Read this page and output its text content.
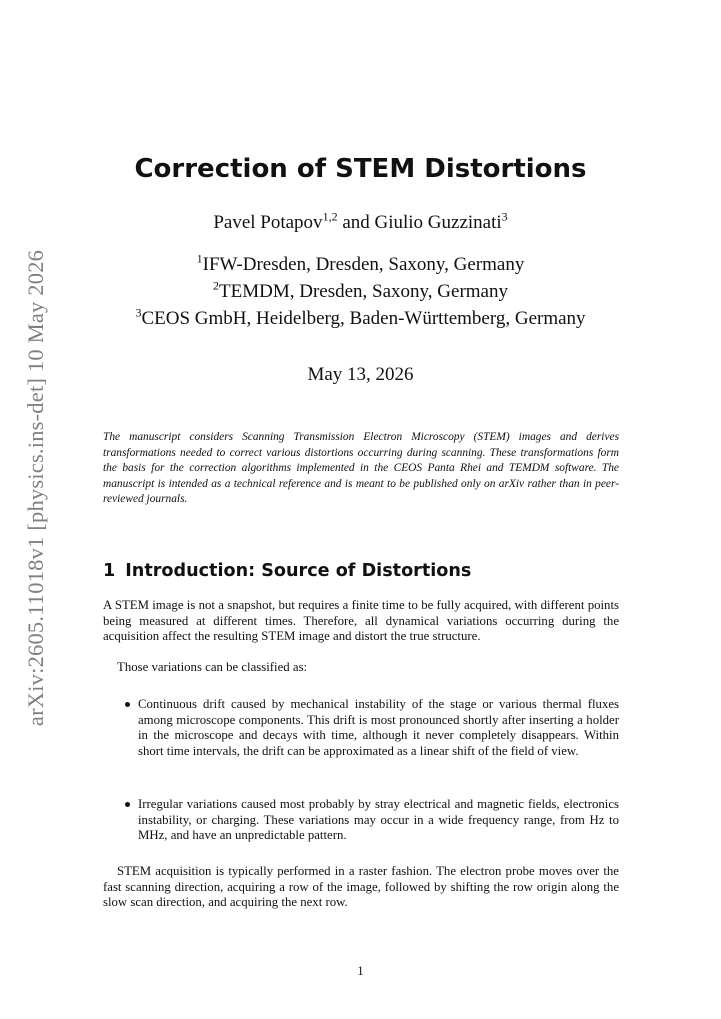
arXiv:2605.11018v1 [physics.ins-det] 10 May 2026
Correction of STEM Distortions

Pavel Potapov$^{1,2}$ and Giulio Guzzinati$^3$

$^1$IFW-Dresden, Dresden, Saxony, Germany

$^2$TEMDM, Dresden, Saxony, Germany

$^3$CEOS GmbH, Heidelberg, Baden-Württemberg, Germany

May 13, 2026

The manuscript considers Scanning Transmission Electron Microscopy (STEM) images and derives transformations needed to correct various distortions occurring during scanning. These transformations form the basis for the correction algorithms implemented in the CEOS Panta Rhei and TEMDM software. The manuscript is intended as a technical reference and is meant to be published only on arXiv rather than in peer-reviewed journals.

1 Introduction: Source of Distortions

A STEM image is not a snapshot, but requires a finite time to be fully acquired, with different points being measured at different times. Therefore, all dynamical variations occurring during the acquisition affect the resulting STEM image and distort the true structure.

Those variations can be classified as:

Continuous drift caused by mechanical instability of the stage or various thermal fluxes among microscope components. This drift is most pronounced shortly after inserting a holder in the microscope and decays with time, although it never completely disappears. Within short time intervals, the drift can be approximated as a linear shift of the field of view.
Irregular variations caused most probably by stray electrical and magnetic fields, electronics instability, or charging. These variations may occur in a wide frequency range, from Hz to MHz, and have an unpredictable pattern.

STEM acquisition is typically performed in a raster fashion. The electron probe moves over the fast scanning direction, acquiring a row of the image, followed by shifting the row origin along the slow scan direction, and acquiring the next row.

1
